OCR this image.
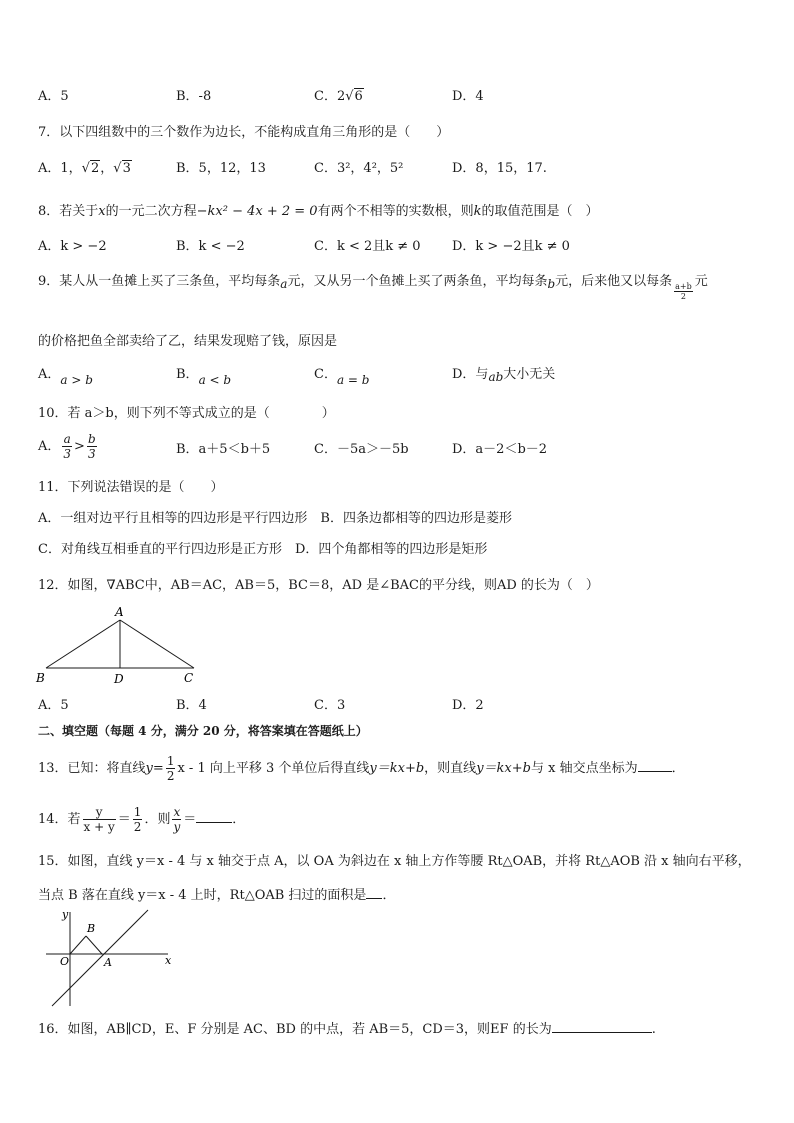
A．5	B．-8	C．2√6	D．4
7．以下四组数中的三个数作为边长，不能构成直角三角形的是（　　）
A．1，√2，√3	B．5，12，13	C．3²，4²，5²	D．8，15，17.
8．若关于x的一元二次方程−kx² − 4x + 2 = 0有两个不相等的实数根，则k的取值范围是（　）
A．k > −2	B．k < −2	C．k < 2且k ≠ 0 D．k > −2且k ≠ 0
9．某人从一鱼摊上买了三条鱼，平均每条a元，又从另一个鱼摊上买了两条鱼，平均每条b元，后来他又以每条
$\frac{a+b}{2}$
元
的价格把鱼全部卖给了乙，结果发现赔了钱，原因是
A．a > b	B．a < b	C．a = b	D．与ab大小无关
10．若 a＞b，则下列不等式成立的是（　　　　）
A． $\frac{a}{3} > \frac{b}{3}$	B．a＋5＜b＋5	C．－5a＞－5b	D．a－2＜b－2
11．下列说法错误的是（　　）
A．一组对边平行且相等的四边形是平行四边形　B．四条边都相等的四边形是菱形
C．对角线互相垂直的平行四边形是正方形　D．四个角都相等的四边形是矩形
12．如图，∇ABC中，AB＝AC，AB＝5，BC＝8，AD 是∠BAC的平分线，则AD 的长为（　）
A
B	D	C
A．5	B．4	C．3	D．2
二、填空题（每题 4 分，满分 20 分，将答案填在答题纸上）
13．已知：将直线$y= \frac{1}{2}$ x - 1 向上平移 3 个单位后得直线y＝kx+b，则直线y＝kx+b与 x 轴交点坐标为	．
14．若 $\frac{y}{x + y} = \frac{1}{2}$ ．则 $\frac{x}{y}$ ＝	．
15．如图，直线 y＝x - 4 与 x 轴交于点 A，以 OA 为斜边在 x 轴上方作等腰 Rt△OAB，并将 Rt△AOB 沿 x 轴向右平移，
当点 B 落在直线 y＝x - 4 上时，Rt△OAB 扫过的面积是 ．
y
x
O	A
B
16．如图，AB∥CD，E、F 分别是 AC、BD 的中点，若 AB＝5，CD＝3，则EF 的长为	.
